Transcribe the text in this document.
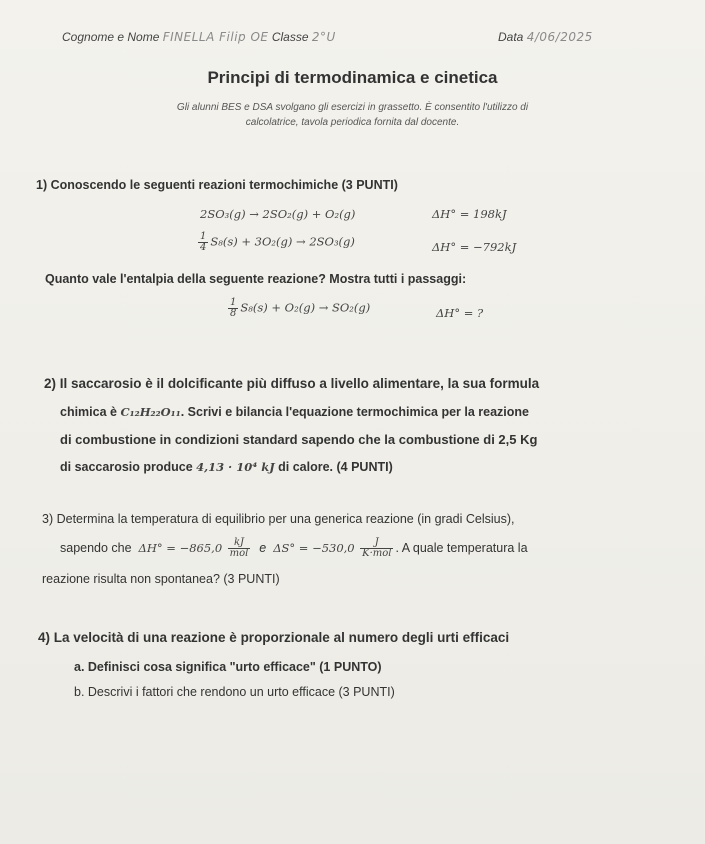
Cognome e Nome FINELLA Filip OE Classe 2°U	Data 4/06/2025
Principi di termodinamica e cinetica
Gli alunni BES e DSA svolgano gli esercizi in grassetto. È consentito l'utilizzo di
calcolatrice, tavola periodica fornita dal docente.
1) Conoscendo le seguenti reazioni termochimiche (3 PUNTI)
2SO₃(g) → 2SO₂(g) + O₂(g)	ΔH° = 198kJ
$\frac{1}{4} S_8(s) + 3O_2(g) \to 2SO_3(g)$	ΔH° = −792kJ
Quanto vale l'entalpia della seguente reazione? Mostra tutti i passaggi:
$\frac{1}{8} S_8(s) + O_2(g) \to SO_2(g)$	ΔH° = ?
2) Il saccarosio è il dolcificante più diffuso a livello alimentare, la sua formula
chimica è C₁₂H₂₂O₁₁. Scrivi e bilancia l'equazione termochimica per la reazione
di combustione in condizioni standard sapendo che la combustione di 2,5 Kg
di saccarosio produce 4,13 · 10⁴ kJ di calore. (4 PUNTI)
3) Determina la temperatura di equilibrio per una generica reazione (in gradi Celsius),
sapendo che $\Delta H^\circ = -865,0 \frac{kJ}{\text{mol}}$ e $\Delta S^\circ = -530,0 \frac{J}{\text{K·mol}}$ . A quale temperatura la
reazione risulta non spontanea? (3 PUNTI)
4) La velocità di una reazione è proporzionale al numero degli urti efficaci
a. Definisci cosa significa "urto efficace" (1 PUNTO)
b. Descrivi i fattori che rendono un urto efficace (3 PUNTI)
